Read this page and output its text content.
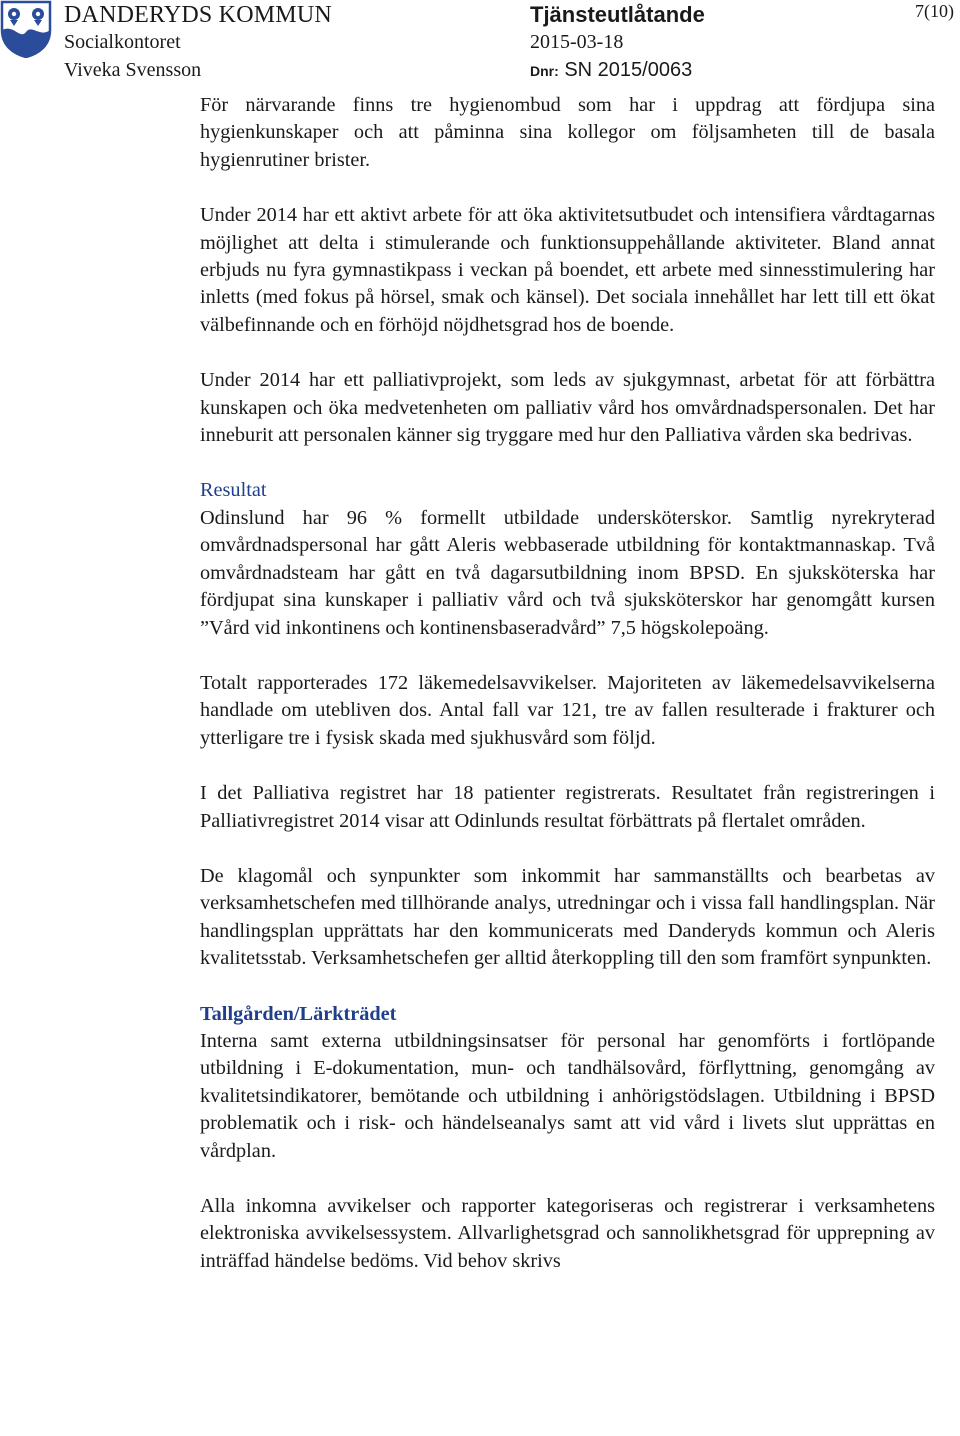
DANDERYDS KOMMUN
Socialkontoret
Viveka Svensson
Tjänsteutlåtande
2015-03-18
Dnr: SN 2015/0063
7(10)

För närvarande finns tre hygienombud som har i uppdrag att fördjupa sina hygienkunskaper och att påminna sina kollegor om följsamheten till de basala hygienrutiner brister.

Under 2014 har ett aktivt arbete för att öka aktivitetsutbudet och intensifiera vårdtagarnas möjlighet att delta i stimulerande och funktionsuppehållande aktiviteter. Bland annat erbjuds nu fyra gymnastikpass i veckan på boendet, ett arbete med sinnesstimulering har inletts (med fokus på hörsel, smak och känsel). Det sociala innehållet har lett till ett ökat välbefinnande och en förhöjd nöjdhetsgrad hos de boende.

Under 2014 har ett palliativprojekt, som leds av sjukgymnast, arbetat för att förbättra kunskapen och öka medvetenheten om palliativ vård hos omvårdnadspersonalen. Det har inneburit att personalen känner sig tryggare med hur den Palliativa vården ska bedrivas.

Resultat

Odinslund har 96 % formellt utbildade undersköterskor. Samtlig nyrekryterad omvårdnadspersonal har gått Aleris webbaserade utbildning för kontaktmannaskap. Två omvårdnadsteam har gått en två dagarsutbildning inom BPSD. En sjuksköterska har fördjupat sina kunskaper i palliativ vård och två sjuksköterskor har genomgått kursen ”Vård vid inkontinens och kontinensbaseradvård” 7,5 högskolepoäng.

Totalt rapporterades 172 läkemedelsavvikelser. Majoriteten av läkemedelsavvikelserna handlade om utebliven dos. Antal fall var 121, tre av fallen resulterade i frakturer och ytterligare tre i fysisk skada med sjukhusvård som följd.

I det Palliativa registret har 18 patienter registrerats. Resultatet från registreringen i Palliativregistret 2014 visar att Odinlunds resultat förbättrats på flertalet områden.

De klagomål och synpunkter som inkommit har sammanställts och bearbetas av verksamhetschefen med tillhörande analys, utredningar och i vissa fall handlingsplan. När handlingsplan upprättats har den kommunicerats med Danderyds kommun och Aleris kvalitetsstab. Verksamhetschefen ger alltid återkoppling till den som framfört synpunkten.

Tallgården/Lärkträdet

Interna samt externa utbildningsinsatser för personal har genomförts i fortlöpande utbildning i E-dokumentation, mun- och tandhälsovård, förflyttning, genomgång av kvalitetsindikatorer, bemötande och utbildning i anhörigstödslagen. Utbildning i BPSD problematik och i risk- och händelseanalys samt att vid vård i livets slut upprättas en vårdplan.

Alla inkomna avvikelser och rapporter kategoriseras och registrerar i verksamhetens elektroniska avvikelsessystem. Allvarlighetsgrad och sannolikhetsgrad för upprepning av inträffad händelse bedöms. Vid behov skrivs
